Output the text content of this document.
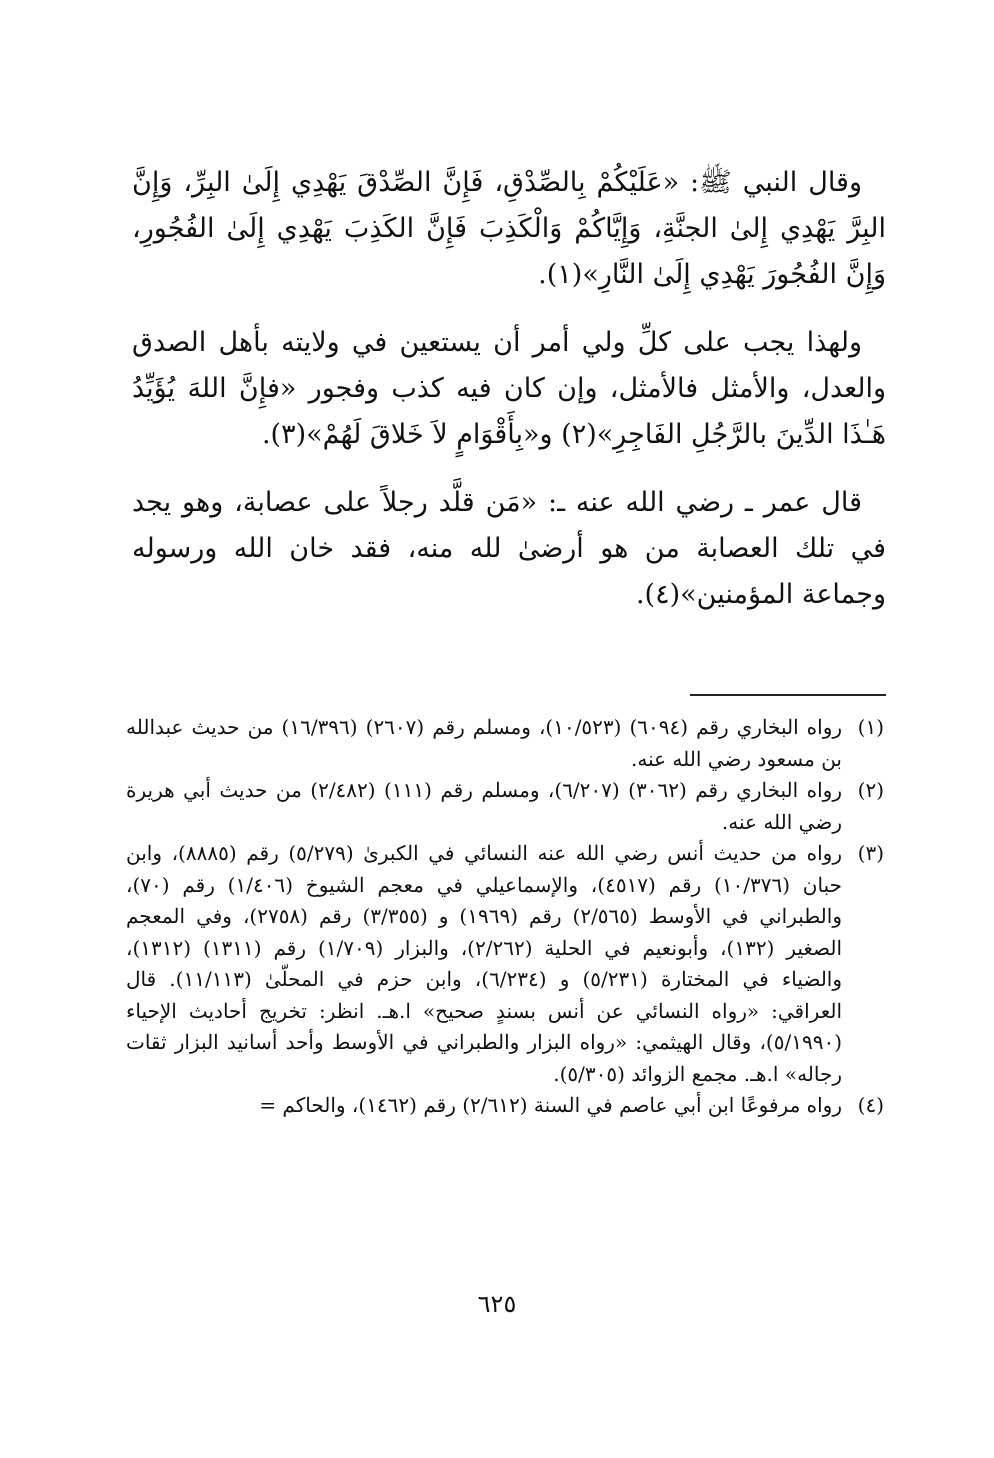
وقال النبي ﷺ: «عَلَيْكُمْ بِالصِّدْقِ، فَإِنَّ الصِّدْقَ يَهْدِي إِلَىٰ البِرِّ، وَإِنَّ البِرَّ يَهْدِي إِلىٰ الجنَّةِ، وَإِيَّاكُمْ وَالْكَذِبَ فَإِنَّ الكَذِبَ يَهْدِي إِلَىٰ الفُجُورِ، وَإِنَّ الفُجُورَ يَهْدِي إِلَىٰ النَّارِ»(١).

ولهذا يجب على كلِّ ولي أمر أن يستعين في ولايته بأهل الصدق والعدل، والأمثل فالأمثل، وإن كان فيه كذب وفجور «فإِنَّ اللهَ يُؤَيِّدُ هَـٰذَا الدِّينَ بالرَّجُلِ الفَاجِرِ»(٢) و«بِأَقْوَامٍ لاَ خَلاقَ لَهُمْ»(٣).

قال عمر ـ رضي الله عنه ـ: «مَن قلَّد رجلاً على عصابة، وهو يجد في تلك العصابة من هو أرضىٰ لله منه، فقد خان الله ورسوله وجماعة المؤمنين»(٤).

(١)
رواه البخاري رقم (٦٠٩٤) (١٠/٥٢٣)، ومسلم رقم (٢٦٠٧) (١٦/٣٩٦) من حديث عبدالله بن مسعود رضي الله عنه.
(٢)
رواه البخاري رقم (٣٠٦٢) (٦/٢٠٧)، ومسلم رقم (١١١) (٢/٤٨٢) من حديث أبي هريرة رضي الله عنه.
(٣)
رواه من حديث أنس رضي الله عنه النسائي في الكبرىٰ (٥/٢٧٩) رقم (٨٨٨٥)، وابن حبان (١٠/٣٧٦) رقم (٤٥١٧)، والإسماعيلي في معجم الشيوخ (١/٤٠٦) رقم (٧٠)، والطبراني في الأوسط (٢/٥٦٥) رقم (١٩٦٩) و (٣/٣٥٥) رقم (٢٧٥٨)، وفي المعجم الصغير (١٣٢)، وأبونعيم في الحلية (٢/٢٦٢)، والبزار (١/٧٠٩) رقم (١٣١١) (١٣١٢)، والضياء في المختارة (٥/٢٣١) و (٦/٢٣٤)، وابن حزم في المحلّىٰ (١١/١١٣). قال العراقي: «رواه النسائي عن أنس بسندٍ صحيح» ا.هـ. انظر: تخريج أحاديث الإحياء (٥/١٩٩٠)، وقال الهيثمي: «رواه البزار والطبراني في الأوسط وأحد أسانيد البزار ثقات رجاله» ا.هـ. مجمع الزوائد (٥/٣٠٥).
(٤)
رواه مرفوعًا ابن أبي عاصم في السنة (٢/٦١٢) رقم (١٤٦٢)، والحاكم =
٦٢٥
